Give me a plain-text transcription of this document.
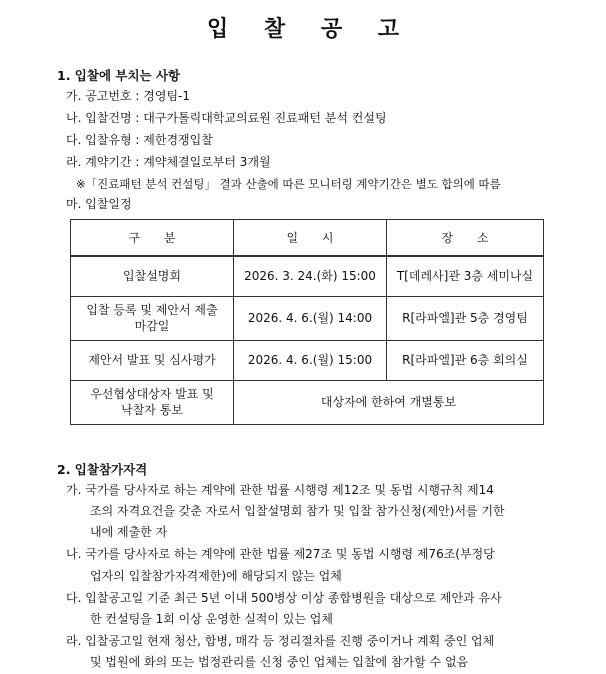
입 찰 공 고
1. 입찰에 부치는 사항
가. 공고번호 : 경영팀-1
나. 입찰건명 : 대구가톨릭대학교의료원 진료패턴 분석 컨설팅
다. 입찰유형 : 제한경쟁입찰
라. 계약기간 : 계약체결일로부터 3개월
※「진료패턴 분석 컨설팅」 결과 산출에 따른 모니터링 계약기간은 별도 합의에 따름
마. 입찰일정
구 분	일 시	장 소
입찰설명회	2026. 3. 24.(화) 15:00	T[데레사]관 3층 세미나실

입찰 등록 및 제안서 제출
마감일	2026. 4. 6.(월) 14:00	R[라파엘]관 5층 경영팀
제안서 발표 및 심사평가	2026. 4. 6.(월) 15:00	R[라파엘]관 6층 회의실

우선협상대상자 발표 및
낙찰자 통보	대상자에 한하여 개별통보	
2. 입찰참가자격
가. 국가를 당사자로 하는 계약에 관한 법률 시행령 제12조 및 동법 시행규칙 제14
조의 자격요건을 갖춘 자로서 입찰설명회 참가 및 입찰 참가신청(제안)서를 기한
내에 제출한 자
나. 국가를 당사자로 하는 계약에 관한 법률 제27조 및 동법 시행령 제76조(부정당
업자의 입찰참가자격제한)에 해당되지 않는 업체
다. 입찰공고일 기준 최근 5년 이내 500병상 이상 종합병원을 대상으로 제안과 유사
한 컨설팅을 1회 이상 운영한 실적이 있는 업체
라. 입찰공고일 현재 청산, 합병, 매각 등 정리절차를 진행 중이거나 계획 중인 업체
및 법원에 화의 또는 법정관리를 신청 중인 업체는 입찰에 참가할 수 없음
